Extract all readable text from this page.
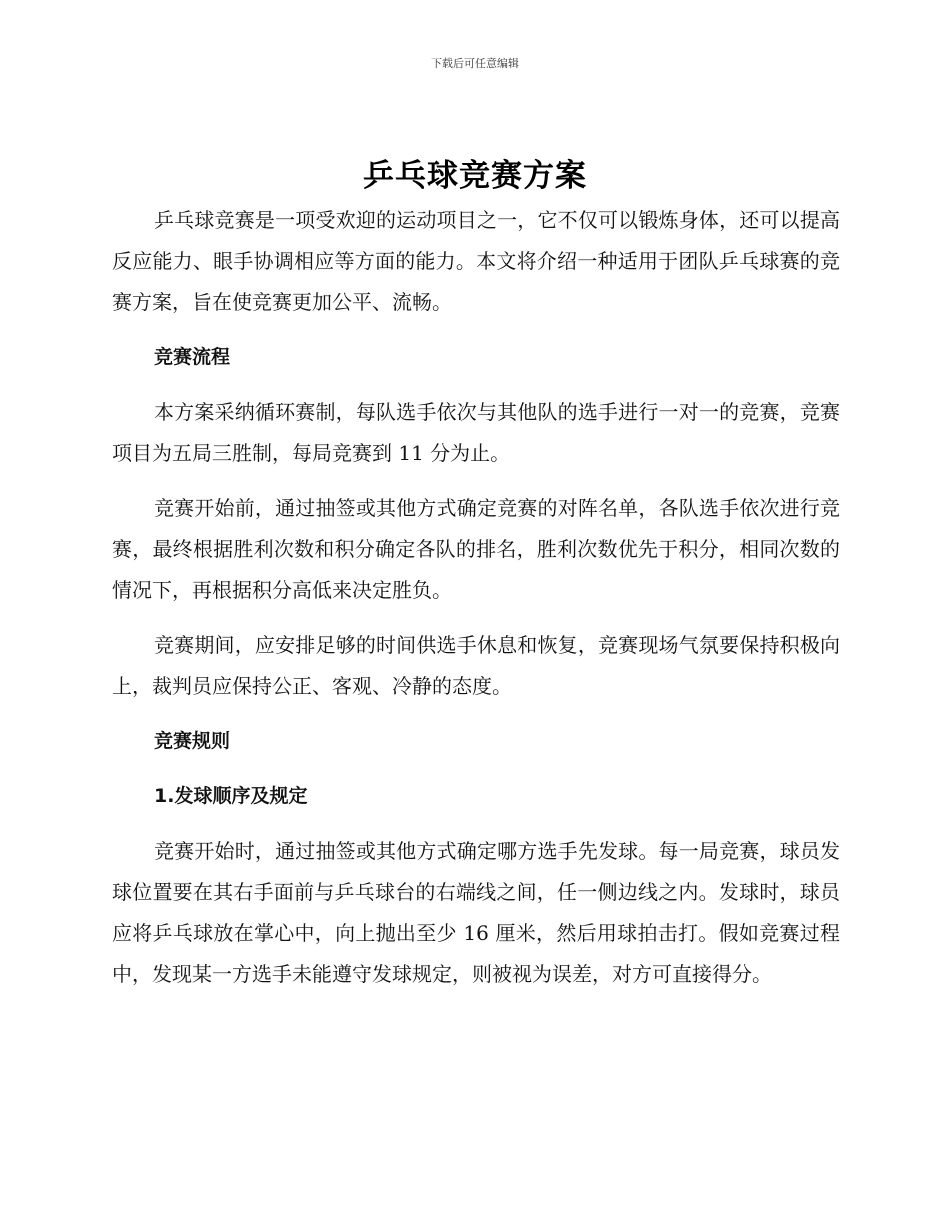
下载后可任意编辑
乒乓球竞赛方案

乒乓球竞赛是一项受欢迎的运动项目之一，它不仅可以锻炼身体，还可以提高反应能力、眼手协调相应等方面的能力。本文将介绍一种适用于团队乒乓球赛的竞赛方案，旨在使竞赛更加公平、流畅。

竞赛流程

本方案采纳循环赛制，每队选手依次与其他队的选手进行一对一的竞赛，竞赛项目为五局三胜制，每局竞赛到 11 分为止。

竞赛开始前，通过抽签或其他方式确定竞赛的对阵名单，各队选手依次进行竞赛，最终根据胜利次数和积分确定各队的排名，胜利次数优先于积分，相同次数的情况下，再根据积分高低来决定胜负。

竞赛期间，应安排足够的时间供选手休息和恢复，竞赛现场气氛要保持积极向上，裁判员应保持公正、客观、冷静的态度。

竞赛规则

1.发球顺序及规定

竞赛开始时，通过抽签或其他方式确定哪方选手先发球。每一局竞赛，球员发球位置要在其右手面前与乒乓球台的右端线之间，任一侧边线之内。发球时，球员应将乒乓球放在掌心中，向上抛出至少 16 厘米，然后用球拍击打。假如竞赛过程中，发现某一方选手未能遵守发球规定，则被视为误差，对方可直接得分。
